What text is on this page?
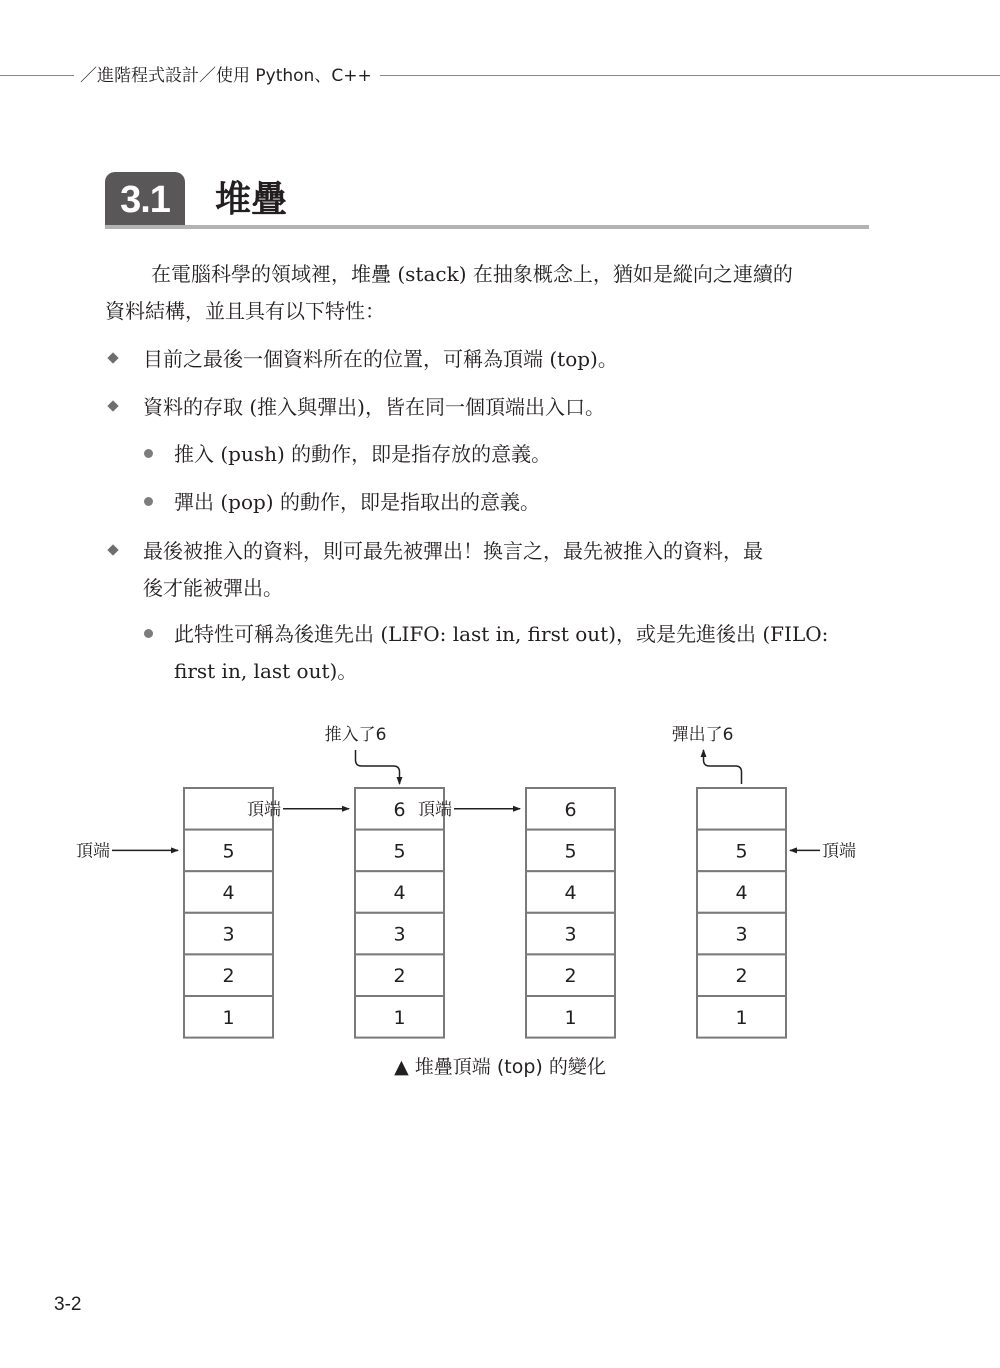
／進階程式設計／使用 Python、C++
3.1	堆疊
在電腦科學的領域裡，堆疊 (stack) 在抽象概念上，猶如是縱向之連續的
資料結構，並且具有以下特性：
目前之最後一個資料所在的位置，可稱為頂端 (top)。
資料的存取 (推入與彈出)，皆在同一個頂端出入口。
推入 (push) 的動作，即是指存放的意義。
彈出 (pop) 的動作，即是指取出的意義。
最後被推入的資料，則可最先被彈出！換言之，最先被推入的資料，最
後才能被彈出。
此特性可稱為後進先出 (LIFO: last in, first out)，或是先進後出 (FILO:
first in, last out)。
5
4
3
2
1
頂端
6
5
4
3
2
1
頂端
推入了6
6
5
4
3
2
1
頂端
5
4
3
2
1
頂端
彈出了6
▲ 堆疊頂端 (top) 的變化
3-2
